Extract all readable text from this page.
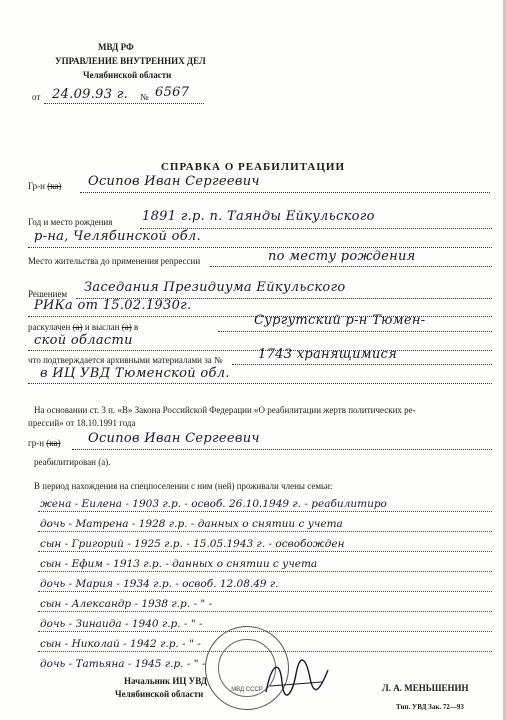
МВД РФ
УПРАВЛЕНИЕ ВНУТРЕННИХ ДЕЛ
Челябинской области
от 24.09.93 г. № 6567
СПРАВКА О РЕАБИЛИТАЦИИ
Гр-н (ка) Осипов Иван Сергеевич
Год и место рождения 1891 г.р. п. Таянды Ейкульского
р-на, Челябинской обл.
Место жительства до применения репрессии	по месту рождения
Решением Заседания Президиума Ейкульского
РИКа от 15.02.1930г.
раскулачен (а) и выслан (а) в	Сургутский р-н Тюмен-
ской области
что подтверждается архивными материалами за №	1743 хранящимися
в ИЦ УВД Тюменской обл.
На основании ст. 3 п. «В» Закона Российской Федерации «О реабилитации жертв политических ре-
прессий» от 18.10.1991 года
гр-н (ка) Осипов Иван Сергеевич
реабилитирован (а).
В период нахождения на спецпоселении с ним (ней) проживали члены семьи:
жена - Еилена - 1903 г.р. - освоб. 26.10.1949 г. - реабилитиро
дочь - Матрена - 1928 г.р. - данных о снятии с учета
сын - Григорий - 1925 г.р. - 15.05.1943 г. - освобожден
сын - Ефим - 1913 г.р. - данных о снятии с учета
дочь - Мария - 1934 г.р. - освоб. 12.08.49 г.
сын - Александр - 1938 г.р. - " -
дочь - Зинаида - 1940 г.р. - " -
сын - Николай - 1942 г.р. - " -
дочь - Татьяна - 1945 г.р. - " -
Начальник ИЦ УВД
Челябинской области	МВД СССР	Л. А. МЕНЬШЕНИН
Тип. УВД Зак. 72—93
